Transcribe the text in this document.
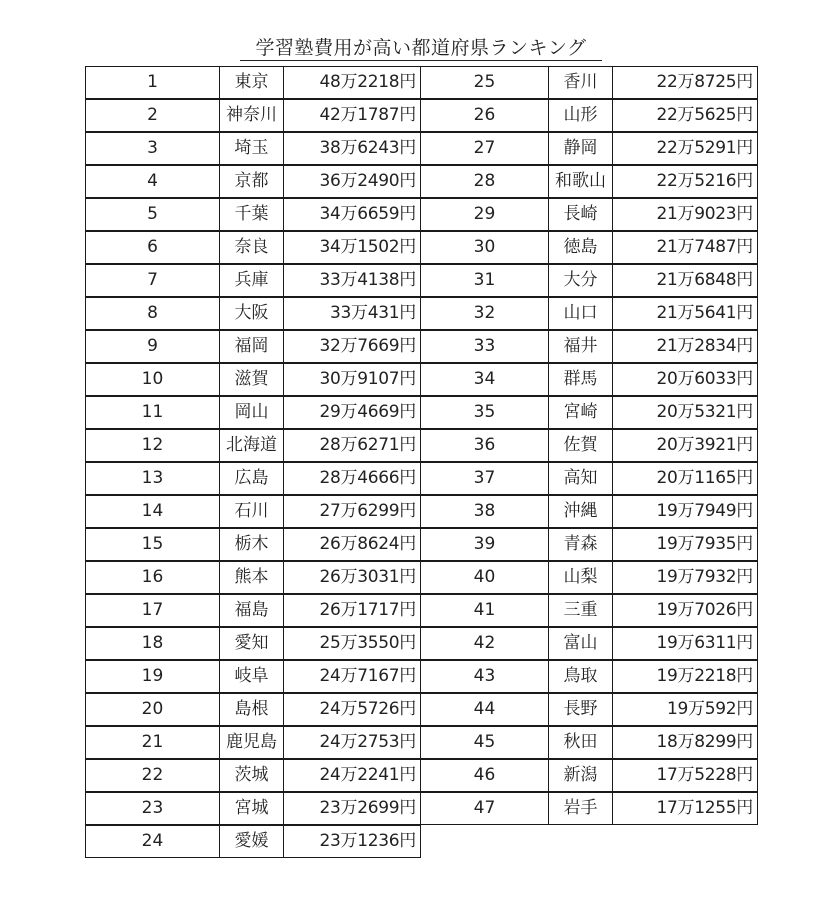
学習塾費用が高い都道府県ランキング
1	東京	48万2218円
2	神奈川	42万1787円
3	埼玉	38万6243円
4	京都	36万2490円
5	千葉	34万6659円
6	奈良	34万1502円
7	兵庫	33万4138円
8	大阪	33万431円
9	福岡	32万7669円
10	滋賀	30万9107円
11	岡山	29万4669円
12	北海道	28万6271円
13	広島	28万4666円
14	石川	27万6299円
15	栃木	26万8624円
16	熊本	26万3031円
17	福島	26万1717円
18	愛知	25万3550円
19	岐阜	24万7167円
20	島根	24万5726円
21	鹿児島	24万2753円
22	茨城	24万2241円
23	宮城	23万2699円
24	愛媛	23万1236円
25	香川	22万8725円
26	山形	22万5625円
27	静岡	22万5291円
28	和歌山	22万5216円
29	長崎	21万9023円
30	徳島	21万7487円
31	大分	21万6848円
32	山口	21万5641円
33	福井	21万2834円
34	群馬	20万6033円
35	宮崎	20万5321円
36	佐賀	20万3921円
37	高知	20万1165円
38	沖縄	19万7949円
39	青森	19万7935円
40	山梨	19万7932円
41	三重	19万7026円
42	富山	19万6311円
43	鳥取	19万2218円
44	長野	19万592円
45	秋田	18万8299円
46	新潟	17万5228円
47	岩手	17万1255円
